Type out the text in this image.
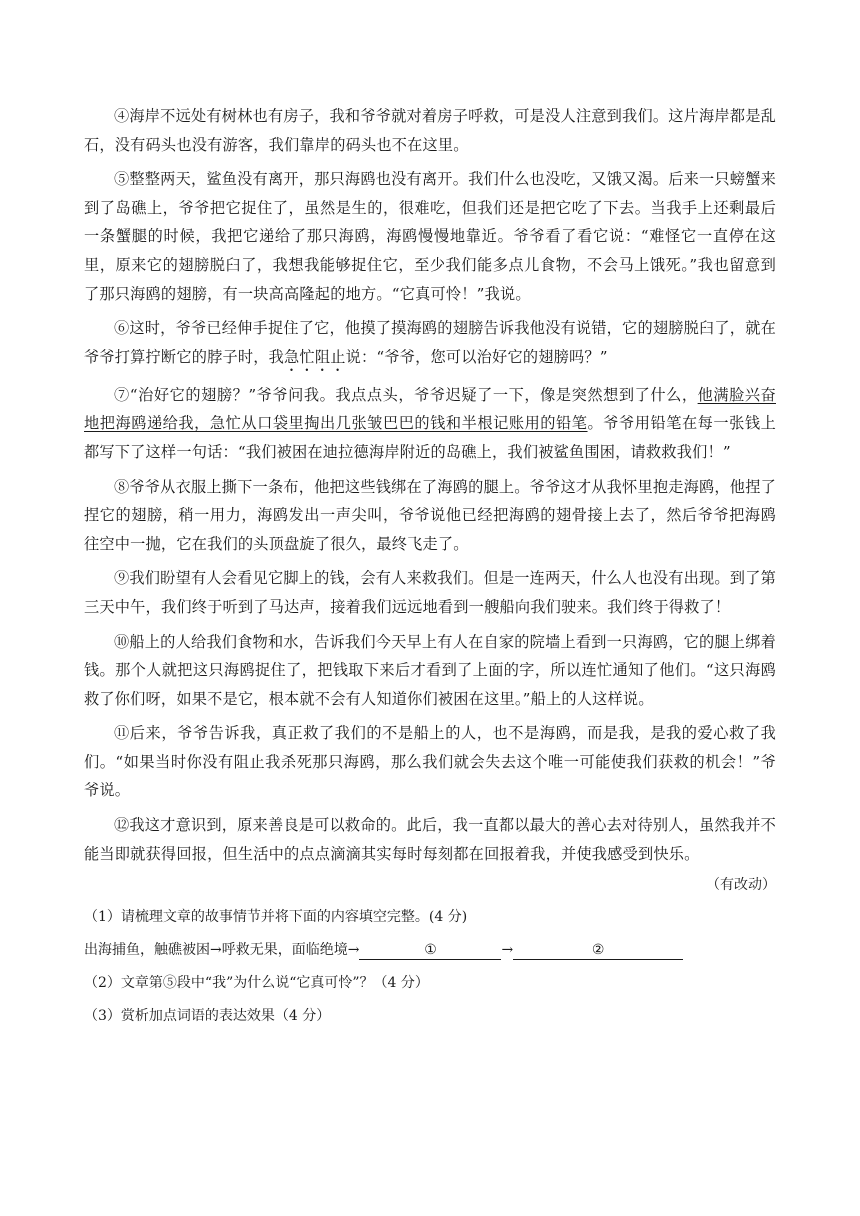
④海岸不远处有树林也有房子，我和爷爷就对着房子呼救，可是没人注意到我们。这片海岸都是乱石，没有码头也没有游客，我们靠岸的码头也不在这里。

⑤整整两天，鲨鱼没有离开，那只海鸥也没有离开。我们什么也没吃，又饿又渴。后来一只螃蟹来到了岛礁上，爷爷把它捉住了，虽然是生的，很难吃，但我们还是把它吃了下去。当我手上还剩最后一条蟹腿的时候，我把它递给了那只海鸥，海鸥慢慢地靠近。爷爷看了看它说：“难怪它一直停在这里，原来它的翅膀脱臼了，我想我能够捉住它，至少我们能多点儿食物，不会马上饿死。”我也留意到了那只海鸥的翅膀，有一块高高隆起的地方。“它真可怜！”我说。

⑥这时，爷爷已经伸手捉住了它，他摸了摸海鸥的翅膀告诉我他没有说错，它的翅膀脱臼了，就在爷爷打算拧断它的脖子时，我急忙阻止说：“爷爷，您可以治好它的翅膀吗？”

⑦“治好它的翅膀？”爷爷问我。我点点头，爷爷迟疑了一下，像是突然想到了什么，他满脸兴奋地把海鸥递给我，急忙从口袋里掏出几张皱巴巴的钱和半根记账用的铅笔。爷爷用铅笔在每一张钱上都写下了这样一句话：“我们被困在迪拉德海岸附近的岛礁上，我们被鲨鱼围困，请救救我们！”

⑧爷爷从衣服上撕下一条布，他把这些钱绑在了海鸥的腿上。爷爷这才从我怀里抱走海鸥，他捏了捏它的翅膀，稍一用力，海鸥发出一声尖叫，爷爷说他已经把海鸥的翅骨接上去了，然后爷爷把海鸥往空中一抛，它在我们的头顶盘旋了很久，最终飞走了。

⑨我们盼望有人会看见它脚上的钱，会有人来救我们。但是一连两天，什么人也没有出现。到了第三天中午，我们终于听到了马达声，接着我们远远地看到一艘船向我们驶来。我们终于得救了！

⑩船上的人给我们食物和水，告诉我们今天早上有人在自家的院墙上看到一只海鸥，它的腿上绑着钱。那个人就把这只海鸥捉住了，把钱取下来后才看到了上面的字，所以连忙通知了他们。“这只海鸥救了你们呀，如果不是它，根本就不会有人知道你们被困在这里。”船上的人这样说。

⑪后来，爷爷告诉我，真正救了我们的不是船上的人，也不是海鸥，而是我，是我的爱心救了我们。“如果当时你没有阻止我杀死那只海鸥，那么我们就会失去这个唯一可能使我们获救的机会！”爷爷说。

⑫我这才意识到，原来善良是可以救命的。此后，我一直都以最大的善心去对待别人，虽然我并不能当即就获得回报，但生活中的点点滴滴其实每时每刻都在回报着我，并使我感受到快乐。

（有改动）
（1）请梳理文章的故事情节并将下面的内容填空完整。(4 分)
出海捕鱼，触礁被困→呼救无果，面临绝境→	①	→	②
（2）文章第⑤段中“我”为什么说“它真可怜”？（4 分）
（3）赏析加点词语的表达效果（4 分）
